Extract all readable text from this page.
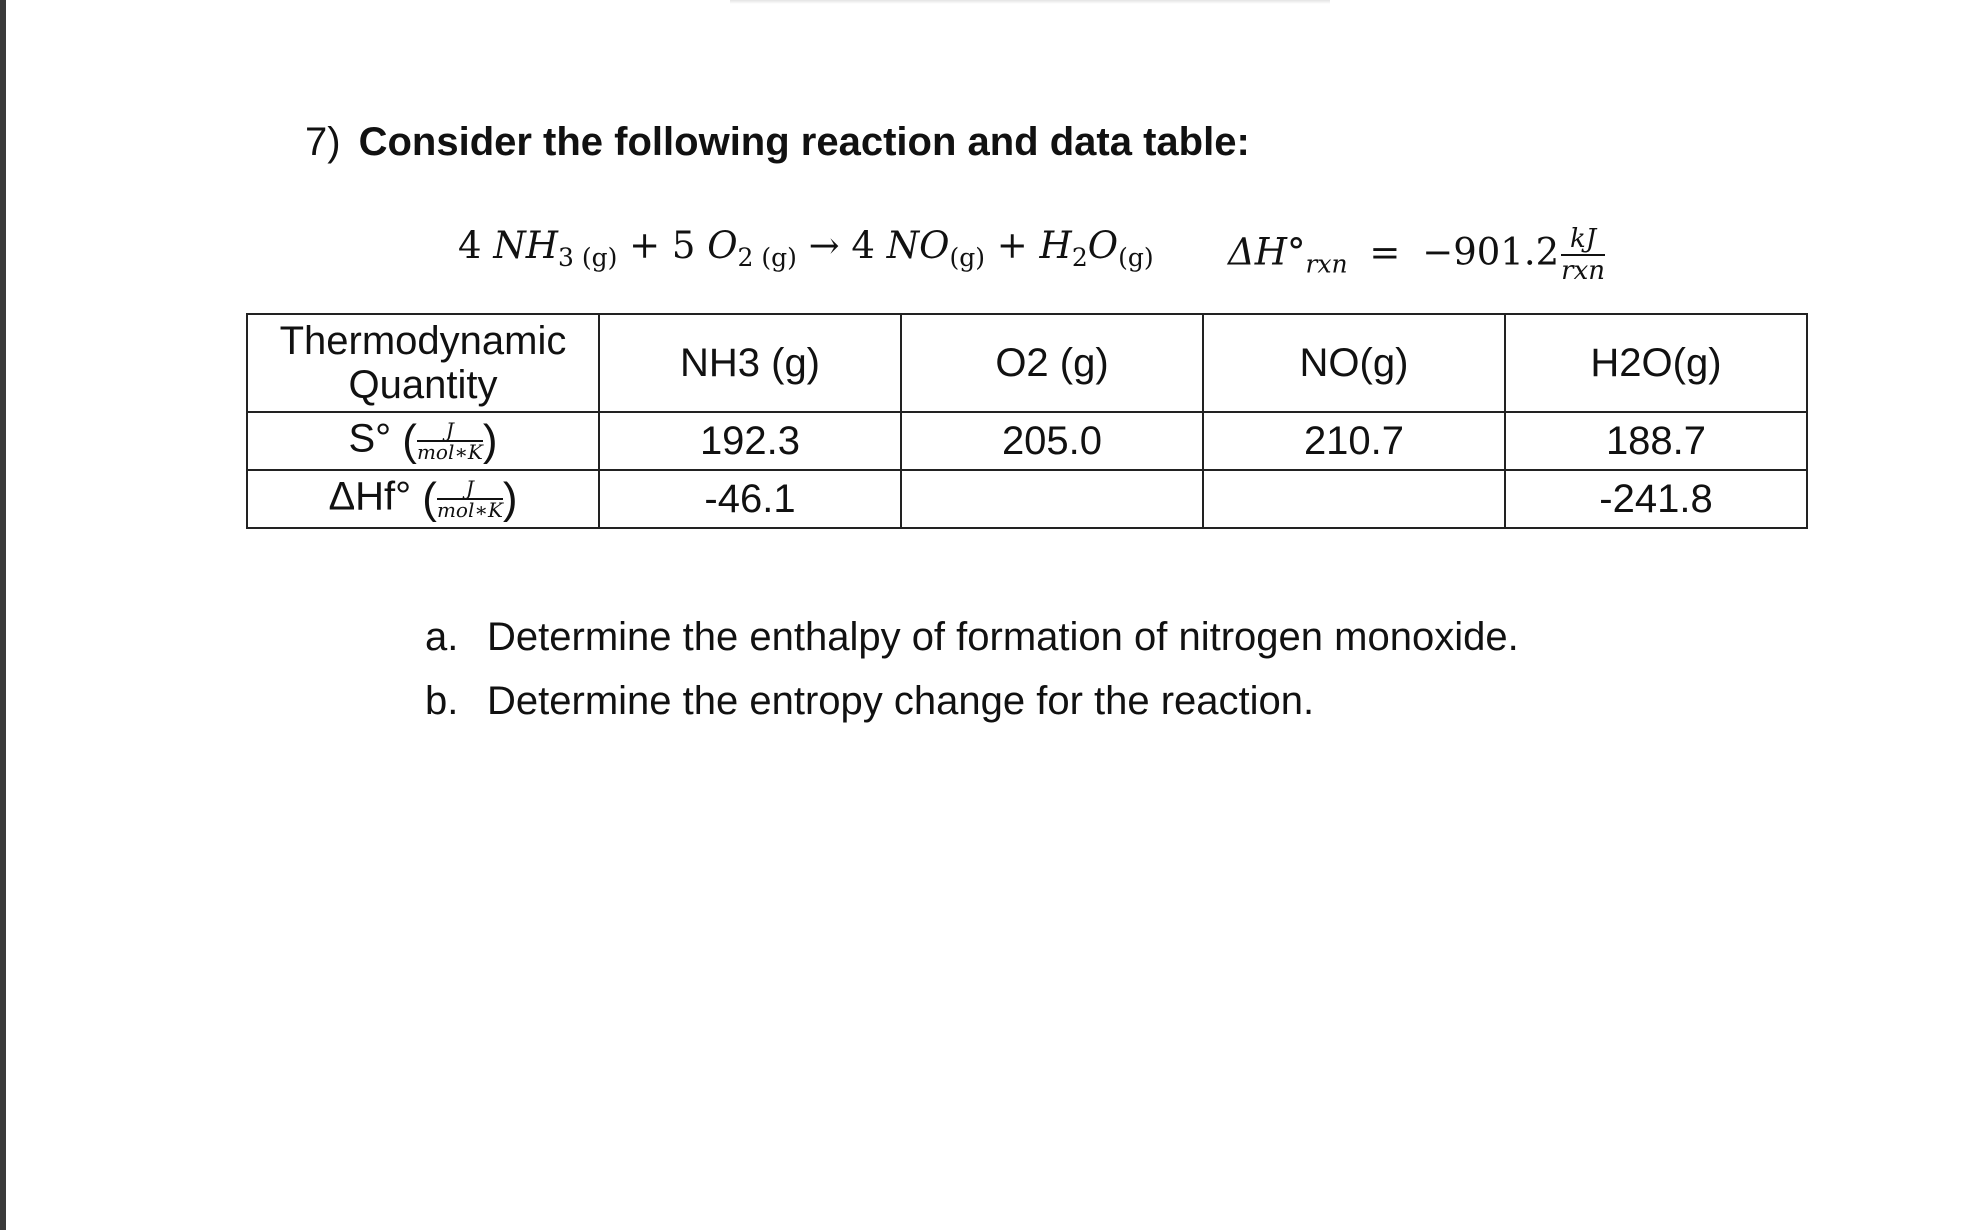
7) Consider the following reaction and data table:
4 $NH_{3 (g)} + 5$ $O_{2 (g)} \to 4$ $NO_{(g)} + H_2O_{(g)}$ $\Delta H^\circ_{rxn} = -901.2 \frac{kJ}{\text{rxn}}$
Thermodynamic Quantity	NH3 (g)	O2 (g)	NO(g)	H2O(g)
S° ( $\frac{J}{\text{mol∗K}}$ )	192.3	205.0	210.7	188.7
ΔHf° ( $\frac{J}{\text{mol∗K}}$ )	-46.1			-241.8
a. Determine the enthalpy of formation of nitrogen monoxide.
b. Determine the entropy change for the reaction.
